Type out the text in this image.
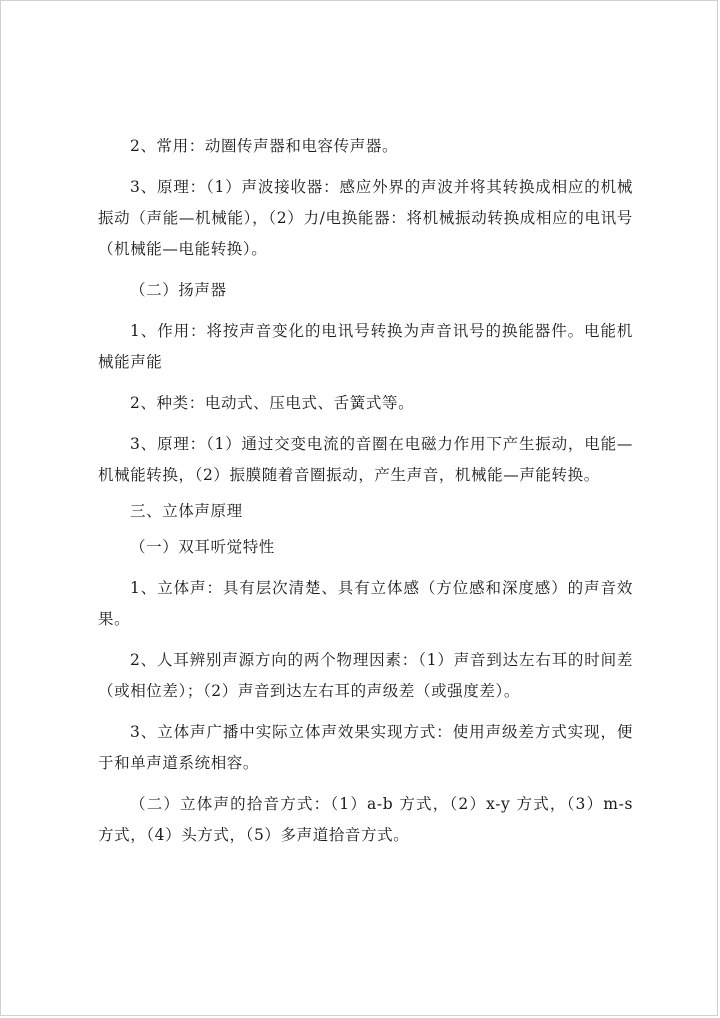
2、常用：动圈传声器和电容传声器。

3、原理：（1）声波接收器：感应外界的声波并将其转换成相应的机械振动（声能—机械能），（2）力/电换能器：将机械振动转换成相应的电讯号（机械能—电能转换）。

（二）扬声器

1、作用：将按声音变化的电讯号转换为声音讯号的换能器件。电能机械能声能

2、种类：电动式、压电式、舌簧式等。

3、原理：（1）通过交变电流的音圈在电磁力作用下产生振动，电能—机械能转换，（2）振膜随着音圈振动，产生声音，机械能—声能转换。

三、立体声原理

（一）双耳听觉特性

1、立体声：具有层次清楚、具有立体感（方位感和深度感）的声音效果。

2、人耳辨别声源方向的两个物理因素：（1）声音到达左右耳的时间差（或相位差）；（2）声音到达左右耳的声级差（或强度差）。

3、立体声广播中实际立体声效果实现方式：使用声级差方式实现，便于和单声道系统相容。

（二）立体声的拾音方式：（1）a-b 方式，（2）x-y 方式，（3）m-s 方式，（4）头方式，（5）多声道拾音方式。
